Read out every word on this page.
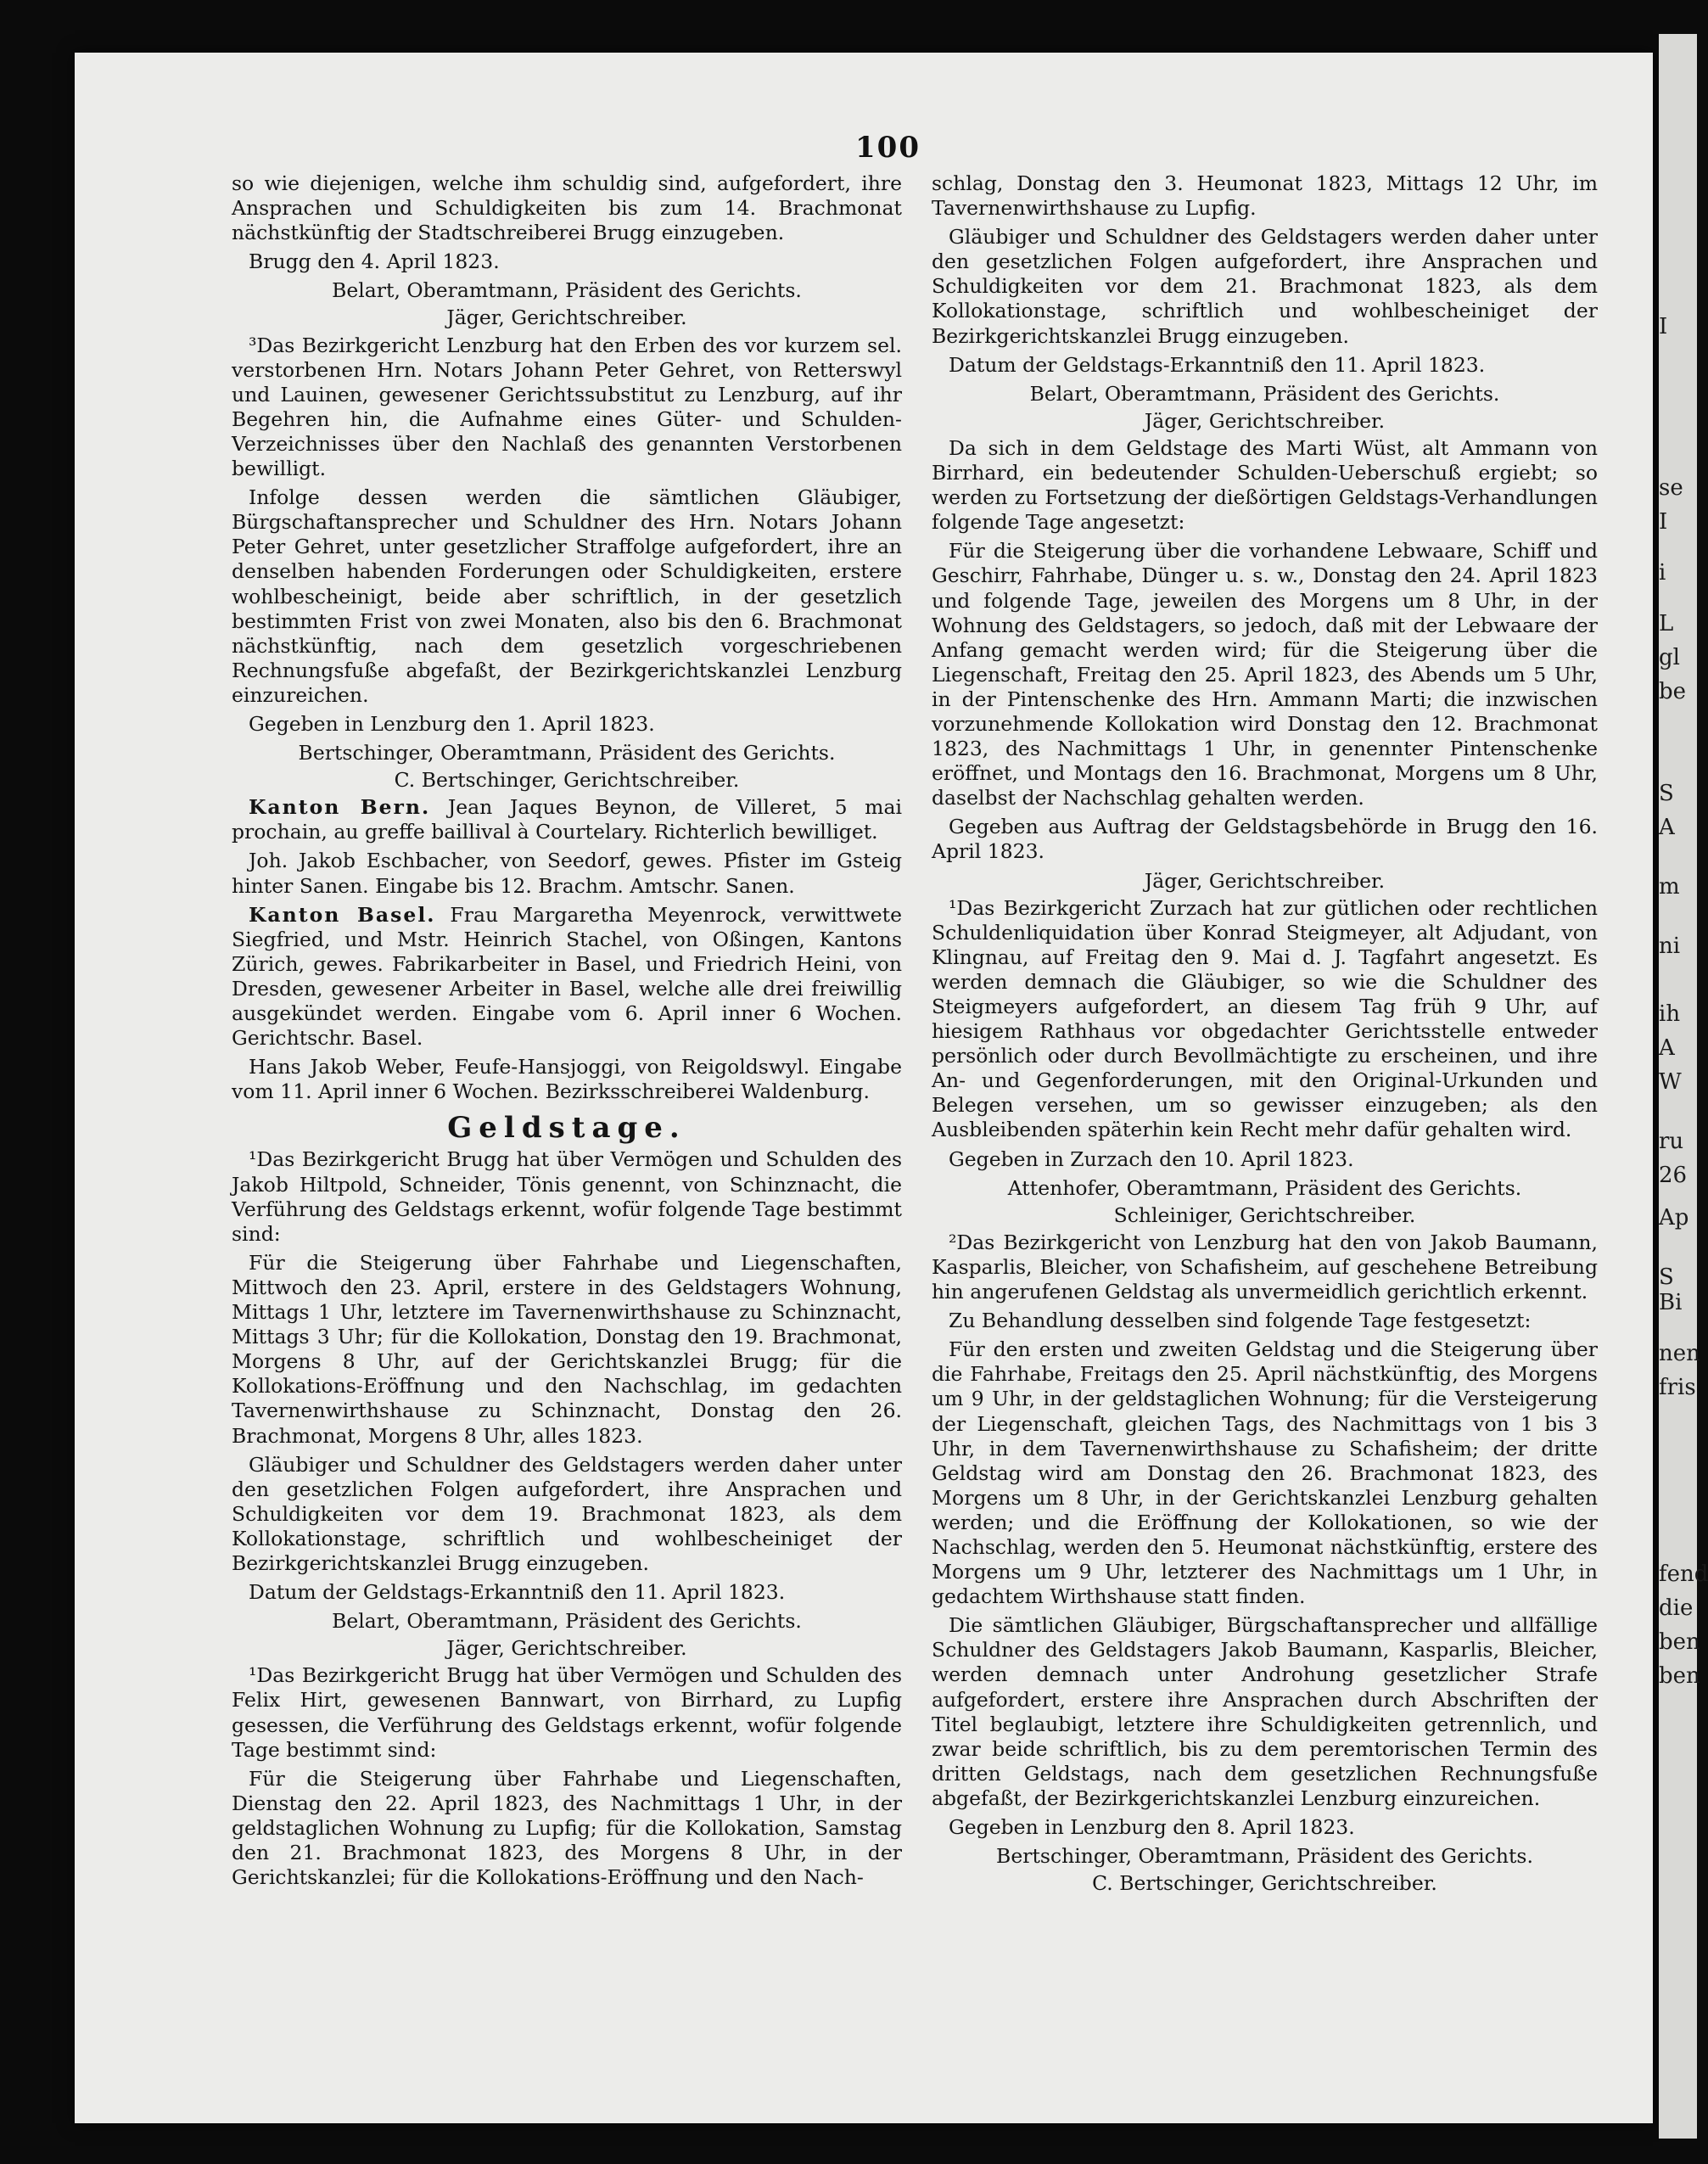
100
so wie diejenigen, welche ihm schuldig sind, aufgefordert, ihre Ansprachen und Schuldigkeiten bis zum 14. Brachmonat nächstkünftig der Stadtschreiberei Brugg einzugeben.
Brugg den 4. April 1823.
Belart, Oberamtmann, Präsident des Gerichts.
Jäger, Gerichtschreiber.
³Das Bezirkgericht Lenzburg hat den Erben des vor kurzem sel. verstorbenen Hrn. Notars Johann Peter Gehret, von Retterswyl und Lauinen, gewesener Gerichtssubstitut zu Lenzburg, auf ihr Begehren hin, die Aufnahme eines Güter- und Schulden-Verzeichnisses über den Nachlaß des genannten Verstorbenen bewilligt.
Infolge dessen werden die sämtlichen Gläubiger, Bürgschaftansprecher und Schuldner des Hrn. Notars Johann Peter Gehret, unter gesetzlicher Straffolge aufgefordert, ihre an denselben habenden Forderungen oder Schuldigkeiten, erstere wohlbescheinigt, beide aber schriftlich, in der gesetzlich bestimmten Frist von zwei Monaten, also bis den 6. Brachmonat nächstkünftig, nach dem gesetzlich vorgeschriebenen Rechnungsfuße abgefaßt, der Bezirkgerichtskanzlei Lenzburg einzureichen.
Gegeben in Lenzburg den 1. April 1823.
Bertschinger, Oberamtmann, Präsident des Gerichts.
C. Bertschinger, Gerichtschreiber.
Kanton Bern. Jean Jaques Beynon, de Villeret, 5 mai prochain, au greffe baillival à Courtelary. Richterlich bewilliget.
Joh. Jakob Eschbacher, von Seedorf, gewes. Pfister im Gsteig hinter Sanen. Eingabe bis 12. Brachm. Amtschr. Sanen.
Kanton Basel. Frau Margaretha Meyenrock, verwittwete Siegfried, und Mstr. Heinrich Stachel, von Oßingen, Kantons Zürich, gewes. Fabrikarbeiter in Basel, und Friedrich Heini, von Dresden, gewesener Arbeiter in Basel, welche alle drei freiwillig ausgekündet werden. Eingabe vom 6. April inner 6 Wochen. Gerichtschr. Basel.
Hans Jakob Weber, Feufe-Hansjoggi, von Reigoldswyl. Eingabe vom 11. April inner 6 Wochen. Bezirksschreiberei Waldenburg.
Geldstage.
¹Das Bezirkgericht Brugg hat über Vermögen und Schulden des Jakob Hiltpold, Schneider, Tönis genennt, von Schinznacht, die Verführung des Geldstags erkennt, wofür folgende Tage bestimmt sind:
Für die Steigerung über Fahrhabe und Liegenschaften, Mittwoch den 23. April, erstere in des Geldstagers Wohnung, Mittags 1 Uhr, letztere im Tavernenwirthshause zu Schinznacht, Mittags 3 Uhr; für die Kollokation, Donstag den 19. Brachmonat, Morgens 8 Uhr, auf der Gerichtskanzlei Brugg; für die Kollokations-Eröffnung und den Nachschlag, im gedachten Tavernenwirthshause zu Schinznacht, Donstag den 26. Brachmonat, Morgens 8 Uhr, alles 1823.
Gläubiger und Schuldner des Geldstagers werden daher unter den gesetzlichen Folgen aufgefordert, ihre Ansprachen und Schuldigkeiten vor dem 19. Brachmonat 1823, als dem Kollokationstage, schriftlich und wohlbescheiniget der Bezirkgerichtskanzlei Brugg einzugeben.
Datum der Geldstags-Erkanntniß den 11. April 1823.
Belart, Oberamtmann, Präsident des Gerichts.
Jäger, Gerichtschreiber.
¹Das Bezirkgericht Brugg hat über Vermögen und Schulden des Felix Hirt, gewesenen Bannwart, von Birrhard, zu Lupfig gesessen, die Verführung des Geldstags erkennt, wofür folgende Tage bestimmt sind:
Für die Steigerung über Fahrhabe und Liegenschaften, Dienstag den 22. April 1823, des Nachmittags 1 Uhr, in der geldstaglichen Wohnung zu Lupfig; für die Kollokation, Samstag den 21. Brachmonat 1823, des Morgens 8 Uhr, in der Gerichtskanzlei; für die Kollokations-Eröffnung und den Nach-
schlag, Donstag den 3. Heumonat 1823, Mittags 12 Uhr, im Tavernenwirthshause zu Lupfig.
Gläubiger und Schuldner des Geldstagers werden daher unter den gesetzlichen Folgen aufgefordert, ihre Ansprachen und Schuldigkeiten vor dem 21. Brachmonat 1823, als dem Kollokationstage, schriftlich und wohlbescheiniget der Bezirkgerichtskanzlei Brugg einzugeben.
Datum der Geldstags-Erkanntniß den 11. April 1823.
Belart, Oberamtmann, Präsident des Gerichts.
Jäger, Gerichtschreiber.
Da sich in dem Geldstage des Marti Wüst, alt Ammann von Birrhard, ein bedeutender Schulden-Ueberschuß ergiebt; so werden zu Fortsetzung der dießörtigen Geldstags-Verhandlungen folgende Tage angesetzt:
Für die Steigerung über die vorhandene Lebwaare, Schiff und Geschirr, Fahrhabe, Dünger u. s. w., Donstag den 24. April 1823 und folgende Tage, jeweilen des Morgens um 8 Uhr, in der Wohnung des Geldstagers, so jedoch, daß mit der Lebwaare der Anfang gemacht werden wird; für die Steigerung über die Liegenschaft, Freitag den 25. April 1823, des Abends um 5 Uhr, in der Pintenschenke des Hrn. Ammann Marti; die inzwischen vorzunehmende Kollokation wird Donstag den 12. Brachmonat 1823, des Nachmittags 1 Uhr, in genennter Pintenschenke eröffnet, und Montags den 16. Brachmonat, Morgens um 8 Uhr, daselbst der Nachschlag gehalten werden.
Gegeben aus Auftrag der Geldstagsbehörde in Brugg den 16. April 1823.
Jäger, Gerichtschreiber.
¹Das Bezirkgericht Zurzach hat zur gütlichen oder rechtlichen Schuldenliquidation über Konrad Steigmeyer, alt Adjudant, von Klingnau, auf Freitag den 9. Mai d. J. Tagfahrt angesetzt. Es werden demnach die Gläubiger, so wie die Schuldner des Steigmeyers aufgefordert, an diesem Tag früh 9 Uhr, auf hiesigem Rathhaus vor obgedachter Gerichtsstelle entweder persönlich oder durch Bevollmächtigte zu erscheinen, und ihre An- und Gegenforderungen, mit den Original-Urkunden und Belegen versehen, um so gewisser einzugeben; als den Ausbleibenden späterhin kein Recht mehr dafür gehalten wird.
Gegeben in Zurzach den 10. April 1823.
Attenhofer, Oberamtmann, Präsident des Gerichts.
Schleiniger, Gerichtschreiber.
²Das Bezirkgericht von Lenzburg hat den von Jakob Baumann, Kasparlis, Bleicher, von Schafisheim, auf geschehene Betreibung hin angerufenen Geldstag als unvermeidlich gerichtlich erkennt.
Zu Behandlung desselben sind folgende Tage festgesetzt:
Für den ersten und zweiten Geldstag und die Steigerung über die Fahrhabe, Freitags den 25. April nächstkünftig, des Morgens um 9 Uhr, in der geldstaglichen Wohnung; für die Versteigerung der Liegenschaft, gleichen Tags, des Nachmittags von 1 bis 3 Uhr, in dem Tavernenwirthshause zu Schafisheim; der dritte Geldstag wird am Donstag den 26. Brachmonat 1823, des Morgens um 8 Uhr, in der Gerichtskanzlei Lenzburg gehalten werden; und die Eröffnung der Kollokationen, so wie der Nachschlag, werden den 5. Heumonat nächstkünftig, erstere des Morgens um 9 Uhr, letzterer des Nachmittags um 1 Uhr, in gedachtem Wirthshause statt finden.
Die sämtlichen Gläubiger, Bürgschaftansprecher und allfällige Schuldner des Geldstagers Jakob Baumann, Kasparlis, Bleicher, werden demnach unter Androhung gesetzlicher Strafe aufgefordert, erstere ihre Ansprachen durch Abschriften der Titel beglaubigt, letztere ihre Schuldigkeiten getrennlich, und zwar beide schriftlich, bis zu dem peremtorischen Termin des dritten Geldstags, nach dem gesetzlichen Rechnungsfuße abgefaßt, der Bezirkgerichtskanzlei Lenzburg einzureichen.
Gegeben in Lenzburg den 8. April 1823.
Bertschinger, Oberamtmann, Präsident des Gerichts.
C. Bertschinger, Gerichtschreiber.
I
se
I
i
L
gl
be
S
A
m
ni
ih
A
W
ru
26
Ap
S
Bi
nen
fris
fend
die
ben
ben
